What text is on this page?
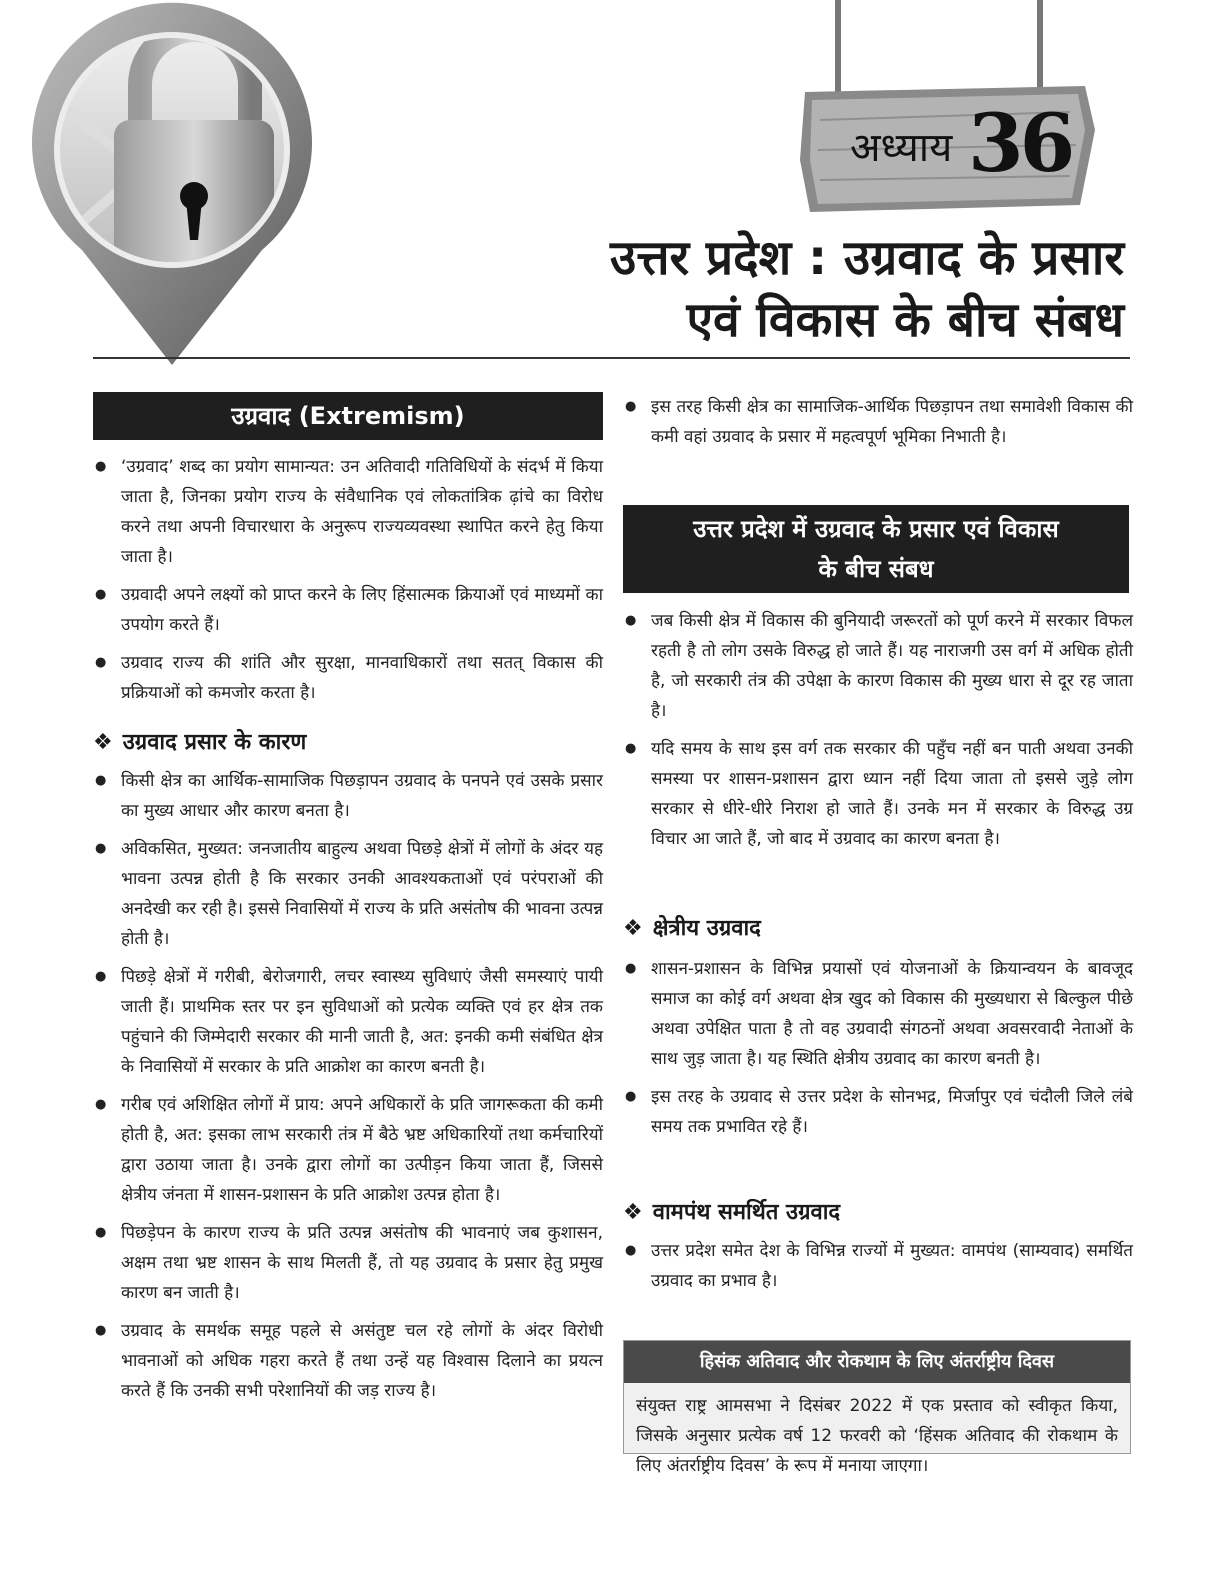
अध्याय 36
उत्तर प्रदेश : उग्रवाद के प्रसार
एवं विकास के बीच संबध
उग्रवाद (Extremism)
● ‘उग्रवाद’ शब्द का प्रयोग सामान्यत: उन अतिवादी गतिविधियों के संदर्भ में किया जाता है, जिनका प्रयोग राज्य के संवैधानिक एवं लोकतांत्रिक ढ़ांचे का विरोध करने तथा अपनी विचारधारा के अनुरूप राज्यव्यवस्था स्थापित करने हेतु किया जाता है।
● उग्रवादी अपने लक्ष्यों को प्राप्त करने के लिए हिंसात्मक क्रियाओं एवं माध्यमों का उपयोग करते हैं।
● उग्रवाद राज्य की शांति और सुरक्षा, मानवाधिकारों तथा सतत् विकास की प्रक्रियाओं को कमजोर करता है।
❖ उग्रवाद प्रसार के कारण
● किसी क्षेत्र का आर्थिक-सामाजिक पिछड़ापन उग्रवाद के पनपने एवं उसके प्रसार का मुख्य आधार और कारण बनता है।
● अविकसित, मुख्यत: जनजातीय बाहुल्य अथवा पिछड़े क्षेत्रों में लोगों के अंदर यह भावना उत्पन्न होती है कि सरकार उनकी आवश्यकताओं एवं परंपराओं की अनदेखी कर रही है। इससे निवासियों में राज्य के प्रति असंतोष की भावना उत्पन्न होती है।
● पिछड़े क्षेत्रों में गरीबी, बेरोजगारी, लचर स्वास्थ्य सुविधाएं जैसी समस्याएं पायी जाती हैं। प्राथमिक स्तर पर इन सुविधाओं को प्रत्येक व्यक्ति एवं हर क्षेत्र तक पहुंचाने की जिम्मेदारी सरकार की मानी जाती है, अत: इनकी कमी संबंधित क्षेत्र के निवासियों में सरकार के प्रति आक्रोश का कारण बनती है।
● गरीब एवं अशिक्षित लोगों में प्राय: अपने अधिकारों के प्रति जागरूकता की कमी होती है, अत: इसका लाभ सरकारी तंत्र में बैठे भ्रष्ट अधिकारियों तथा कर्मचारियों द्वारा उठाया जाता है। उनके द्वारा लोगों का उत्पीड़न किया जाता हैं, जिससे क्षेत्रीय जंनता में शासन-प्रशासन के प्रति आक्रोश उत्पन्न होता है।
● पिछड़ेपन के कारण राज्य के प्रति उत्पन्न असंतोष की भावनाएं जब कुशासन, अक्षम तथा भ्रष्ट शासन के साथ मिलती हैं, तो यह उग्रवाद के प्रसार हेतु प्रमुख कारण बन जाती है।
● उग्रवाद के समर्थक समूह पहले से असंतुष्ट चल रहे लोगों के अंदर विरोधी भावनाओं को अधिक गहरा करते हैं तथा उन्हें यह विश्वास दिलाने का प्रयत्न करते हैं कि उनकी सभी परेशानियों की जड़ राज्य है।
● इस तरह किसी क्षेत्र का सामाजिक-आर्थिक पिछड़ापन तथा समावेशी विकास की कमी वहां उग्रवाद के प्रसार में महत्वपूर्ण भूमिका निभाती है।
उत्तर प्रदेश में उग्रवाद के प्रसार एवं विकास
के बीच संबध
● जब किसी क्षेत्र में विकास की बुनियादी जरूरतों को पूर्ण करने में सरकार विफल रहती है तो लोग उसके विरुद्ध हो जाते हैं। यह नाराजगी उस वर्ग में अधिक होती है, जो सरकारी तंत्र की उपेक्षा के कारण विकास की मुख्य धारा से दूर रह जाता है।
● यदि समय के साथ इस वर्ग तक सरकार की पहुँच नहीं बन पाती अथवा उनकी समस्या पर शासन-प्रशासन द्वारा ध्यान नहीं दिया जाता तो इससे जुड़े लोग सरकार से धीरे-धीरे निराश हो जाते हैं। उनके मन में सरकार के विरुद्ध उग्र विचार आ जाते हैं, जो बाद में उग्रवाद का कारण बनता है।
❖ क्षेत्रीय उग्रवाद
● शासन-प्रशासन के विभिन्न प्रयासों एवं योजनाओं के क्रियान्वयन के बावजूद समाज का कोई वर्ग अथवा क्षेत्र खुद को विकास की मुख्यधारा से बिल्कुल पीछे अथवा उपेक्षित पाता है तो वह उग्रवादी संगठनों अथवा अवसरवादी नेताओं के साथ जुड़ जाता है। यह स्थिति क्षेत्रीय उग्रवाद का कारण बनती है।
● इस तरह के उग्रवाद से उत्तर प्रदेश के सोनभद्र, मिर्जापुर एवं चंदौली जिले लंबे समय तक प्रभावित रहे हैं।
❖ वामपंथ समर्थित उग्रवाद
● उत्तर प्रदेश समेत देश के विभिन्न राज्यों में मुख्यत: वामपंथ (साम्यवाद) समर्थित उग्रवाद का प्रभाव है।
हिसंक अतिवाद और रोकथाम के लिए अंतर्राष्ट्रीय दिवस
संयुक्त राष्ट्र आमसभा ने दिसंबर 2022 में एक प्रस्ताव को स्वीकृत किया, जिसके अनुसार प्रत्येक वर्ष 12 फरवरी को ‘हिंसक अतिवाद की रोकथाम के लिए अंतर्राष्ट्रीय दिवस’ के रूप में मनाया जाएगा।
